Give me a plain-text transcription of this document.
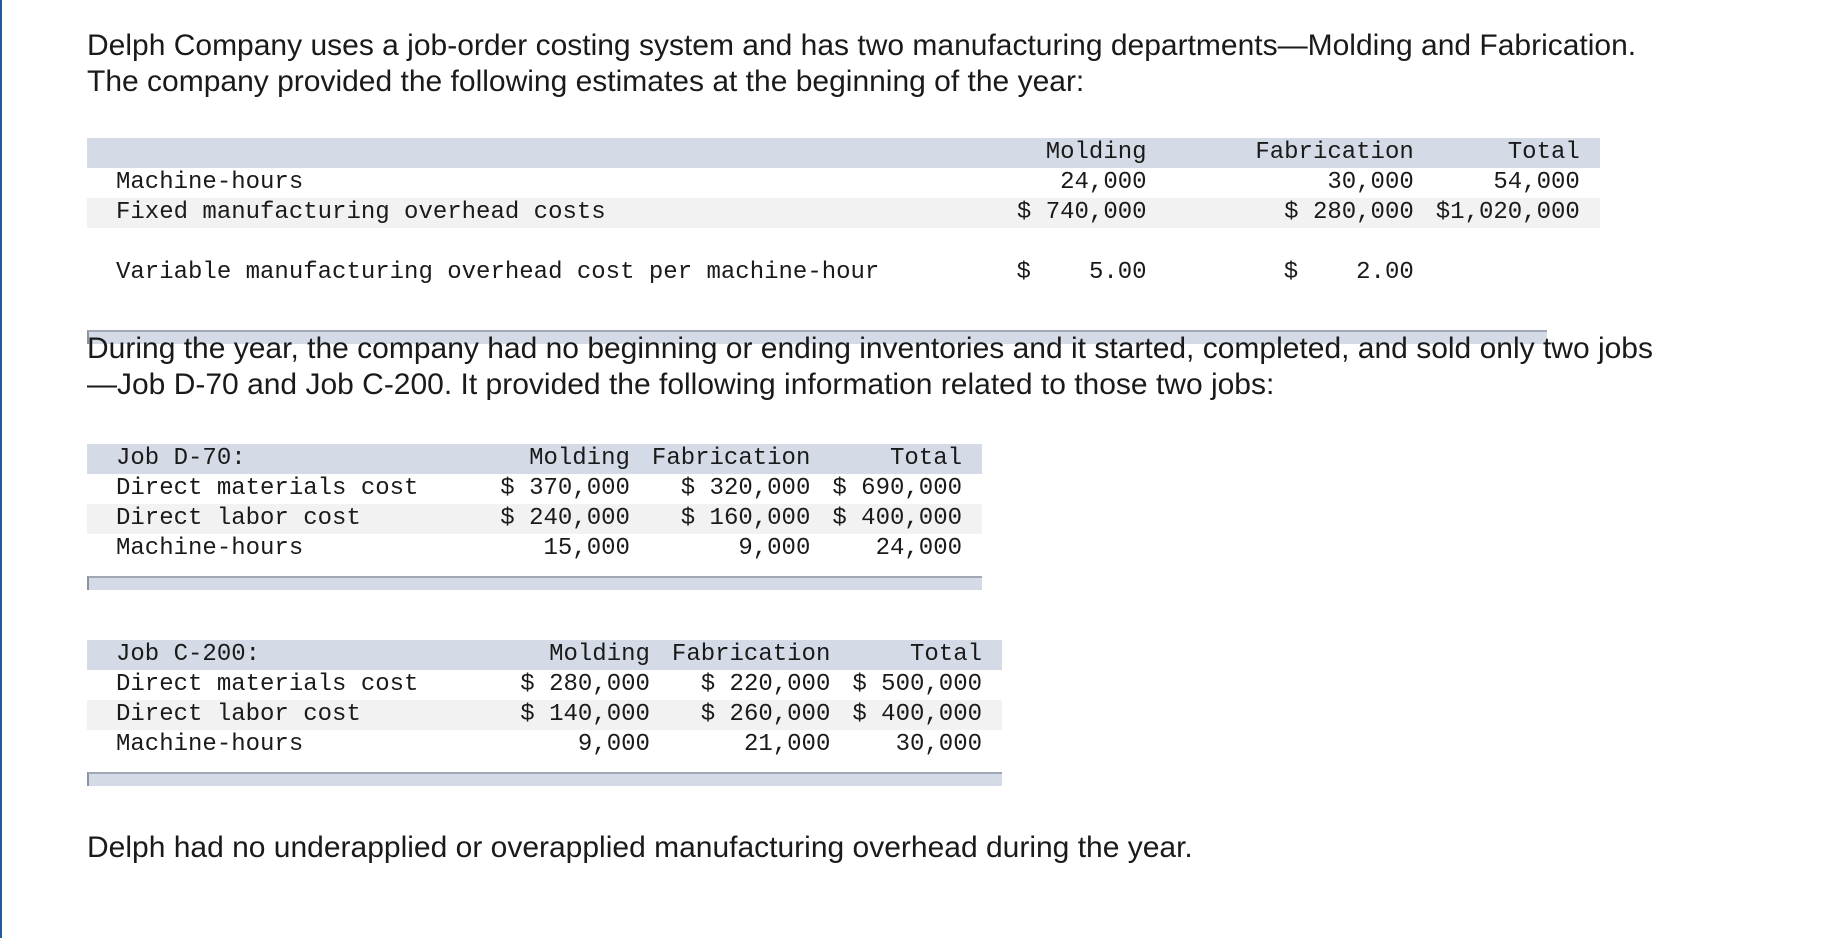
Delph Company uses a job-order costing system and has two manufacturing departments—Molding and Fabrication.
The company provided the following estimates at the beginning of the year:

	Molding	Fabrication	Total
Machine-hours	24,000	30,000	54,000
Fixed manufacturing overhead costs	$ 740,000	$ 280,000	$1,020,000
Variable manufacturing overhead cost per machine-hour	$ 5.00	$ 2.00	

During the year, the company had no beginning or ending inventories and it started, completed, and sold only two jobs
—Job D-70 and Job C-200. It provided the following information related to those two jobs:

Job D-70:	Molding	Fabrication	Total
Direct materials cost	$ 370,000	$ 320,000	$ 690,000
Direct labor cost	$ 240,000	$ 160,000	$ 400,000
Machine-hours	15,000	9,000	24,000
Job C-200:	Molding	Fabrication	Total
Direct materials cost	$ 280,000	$ 220,000	$ 500,000
Direct labor cost	$ 140,000	$ 260,000	$ 400,000
Machine-hours	9,000	21,000	30,000

Delph had no underapplied or overapplied manufacturing overhead during the year.
